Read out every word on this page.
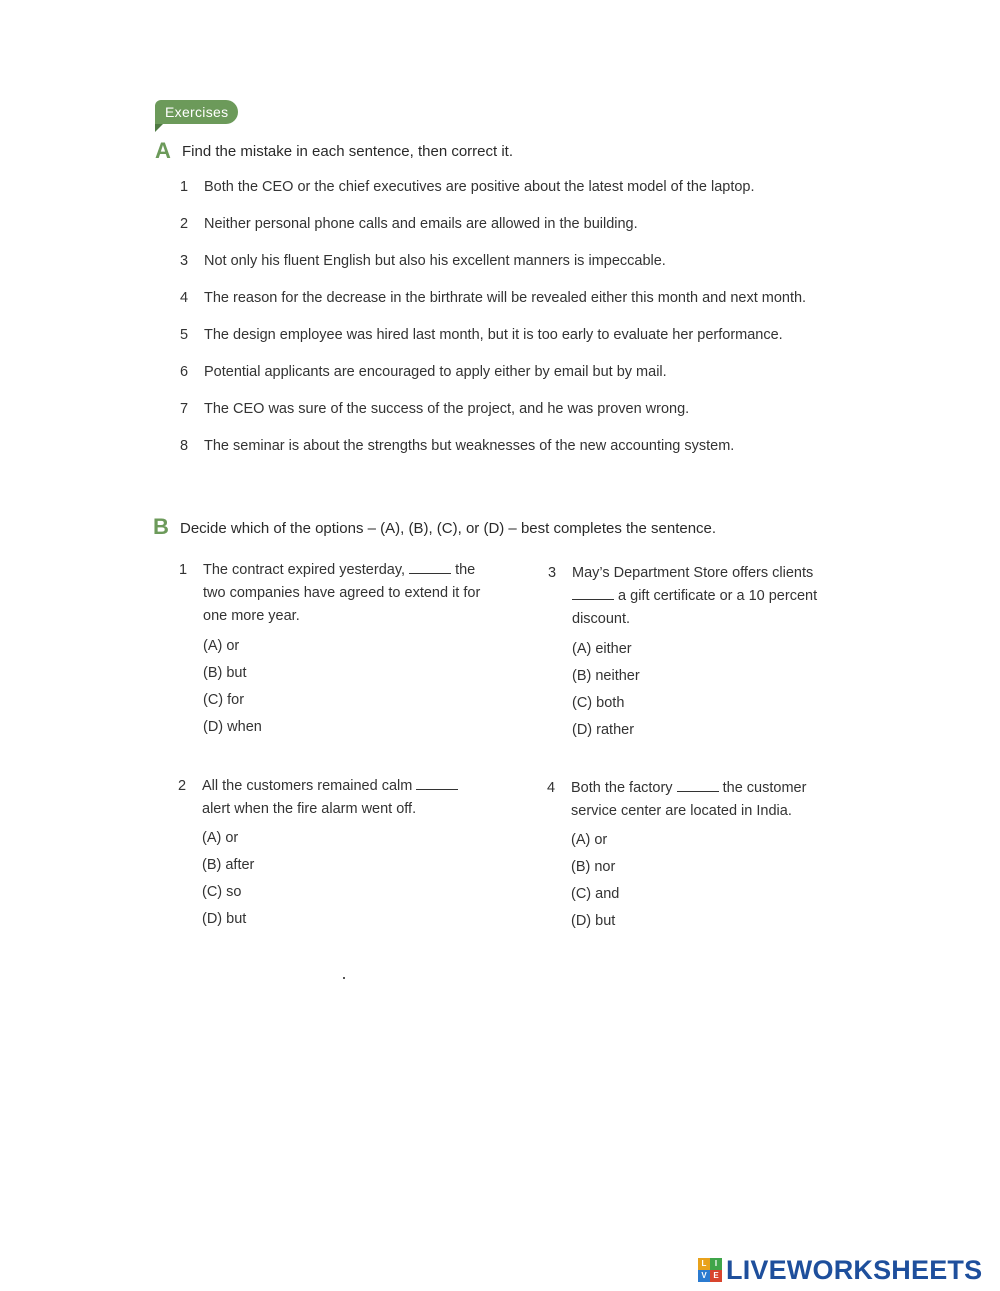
Exercises
A Find the mistake in each sentence, then correct it.
1 Both the CEO or the chief executives are positive about the latest model of the laptop.
2 Neither personal phone calls and emails are allowed in the building.
3 Not only his fluent English but also his excellent manners is impeccable.
4 The reason for the decrease in the birthrate will be revealed either this month and next month.
5 The design employee was hired last month, but it is too early to evaluate her performance.
6 Potential applicants are encouraged to apply either by email but by mail.
7 The CEO was sure of the success of the project, and he was proven wrong.
8 The seminar is about the strengths but weaknesses of the new accounting system.
B Decide which of the options – (A), (B), (C), or (D) – best completes the sentence.
1 The contract expired yesterday,	the two companies have agreed to extend it for one more year.
(A) or
(B) but
(C) for
(D) when
2 All the customers remained calm  alert when the fire alarm went off.
(A) or
(B) after
(C) so
(D) but
3 May’s Department Store offers clients  a gift certificate or a 10 percent discount.
(A) either
(B) neither
(C) both
(D) rather
4 Both the factory	the customer service center are located in India.
(A) or
(B) nor
(C) and
(D) but
L	I
V E LIVEWORKSHEETS
